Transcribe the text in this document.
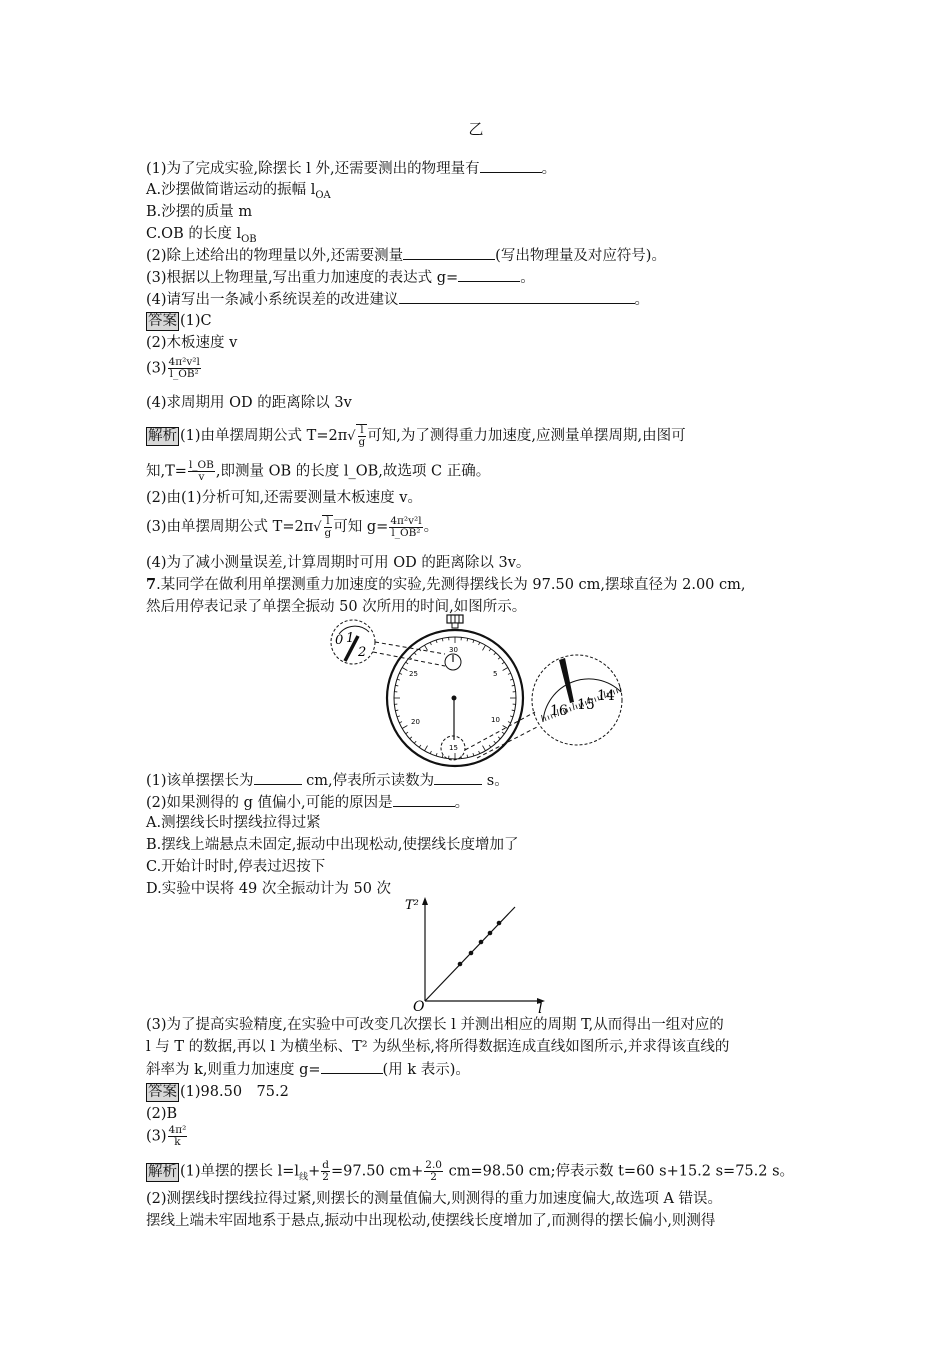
乙
(1)为了完成实验,除摆长 l 外,还需要测出的物理量有	。
A.沙摆做简谐运动的振幅 $l_{OA}$
B.沙摆的质量 m
C.OB 的长度 $l_{OB}$
(2)除上述给出的物理量以外,还需要测量	(写出物理量及对应符号)。
(3)根据以上物理量,写出重力加速度的表达式 g=	。
(4)请写出一条减小系统误差的改进建议	。
答案 (1)C
(2)木板速度 v
$(3) \frac{\text{4π²v²l}}{\text{l\_OB²}}$
(4)求周期用 OD 的距离除以 3v
解析 (1)由单摆周期公式 $T=2\pi√ \frac{l}{g}$ 可知,为了测得重力加速度,应测量单摆周期,由图可
知$,T= \frac{l\_OB}{v}$ ,即测量 OB 的长度 l_OB,故选项 C 正确。
(2)由(1)分析可知,还需要测量木板速度 v。
(3)由单摆周期公式 $T=2\pi√ \frac{l}{g}$ 可知 $g= \frac{\text{4π²v²l}}{\text{l\_OB²}}$ 。
(4)为了减小测量误差,计算周期时可用 OD 的距离除以 3v。
7.某同学在做利用单摆测重力加速度的实验,先测得摆线长为 97.50 cm,摆球直径为 2.00 cm,
然后用停表记录了单摆全振动 50 次所用的时间,如图所示。
30
5
10
15
20
25
0 1
2
16 15
14
(1)该单摆摆长为	cm,停表所示读数为	s。
(2)如果测得的 g 值偏小,可能的原因是	。
A.测摆线长时摆线拉得过紧
B.摆线上端悬点未固定,振动中出现松动,使摆线长度增加了
C.开始计时时,停表过迟按下
D.实验中误将 49 次全振动计为 50 次
T²
l
O
(3)为了提高实验精度,在实验中可改变几次摆长 l 并测出相应的周期 T,从而得出一组对应的
l 与 T 的数据,再以 l 为横坐标、T² 为纵坐标,将所得数据连成直线如图所示,并求得该直线的
斜率为 k,则重力加速度 g=	(用 k 表示)。
答案 (1)98.50　75.2
(2)B
$(3) \frac{\text{4π²}}{k}$
解析 (1)单摆的摆长 $l=l_线+ \frac{d}{2} =97.50$ $cm+ \frac{2.0}{2} cm=98.50$ cm;停表示数 t=60 s+15.2 s=75.2 s。
(2)测摆线时摆线拉得过紧,则摆长的测量值偏大,则测得的重力加速度偏大,故选项 A 错误。
摆线上端未牢固地系于悬点,振动中出现松动,使摆线长度增加了,而测得的摆长偏小,则测得
